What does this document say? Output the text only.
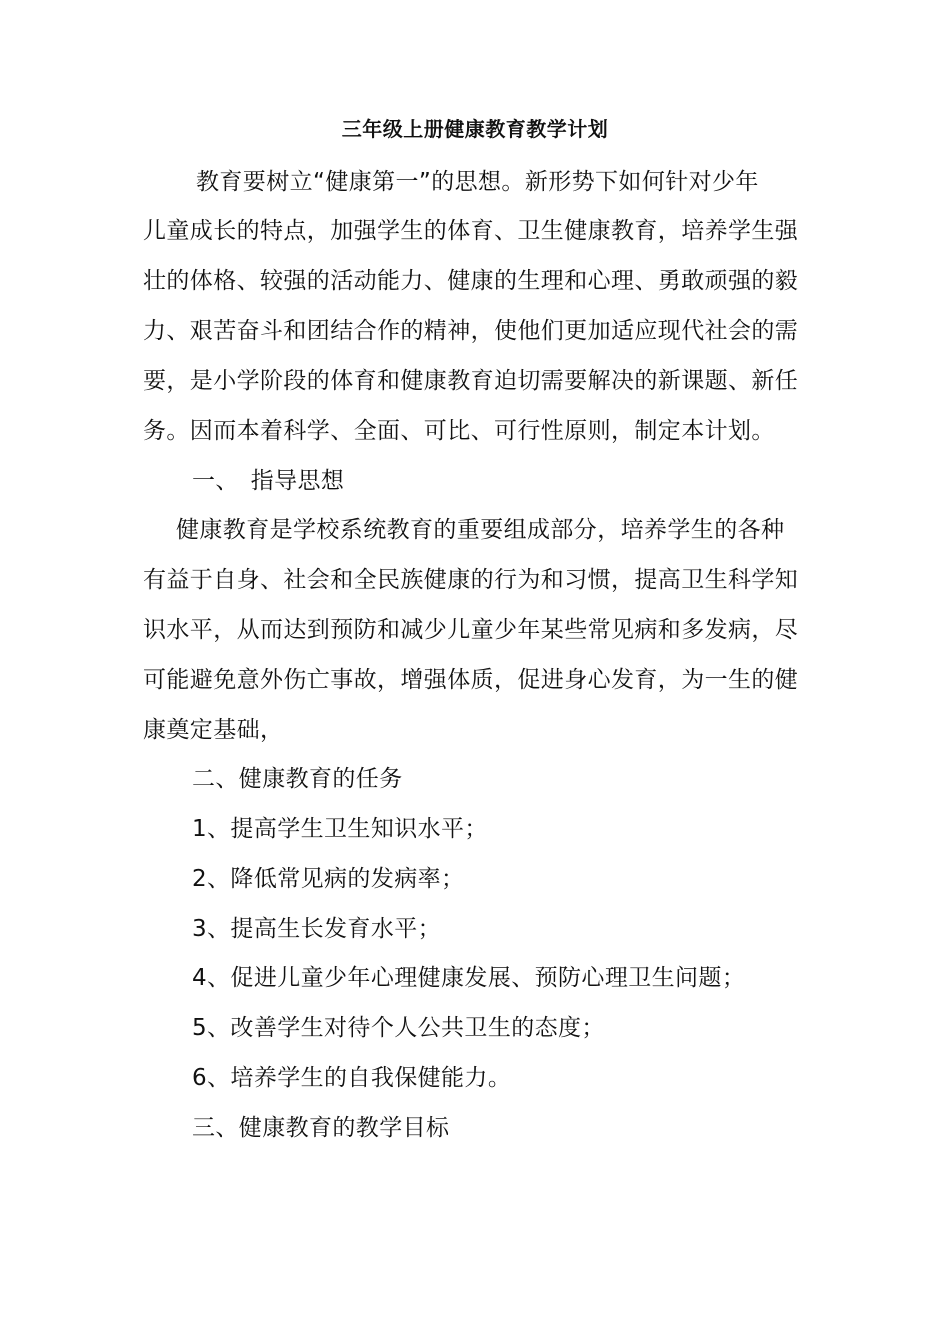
三年级上册健康教育教学计划
教育要树立“健康第一”的思想。新形势下如何针对少年
儿童成长的特点，加强学生的体育、卫生健康教育，培养学生强
壮的体格、较强的活动能力、健康的生理和心理、勇敢顽强的毅
力、艰苦奋斗和团结合作的精神，使他们更加适应现代社会的需
要，是小学阶段的体育和健康教育迫切需要解决的新课题、新任
务。因而本着科学、全面、可比、可行性原则，制定本计划。
一、　指导思想
健康教育是学校系统教育的重要组成部分，培养学生的各种
有益于自身、社会和全民族健康的行为和习惯，提高卫生科学知
识水平，从而达到预防和减少儿童少年某些常见病和多发病，尽
可能避免意外伤亡事故，增强体质，促进身心发育，为一生的健
康奠定基础，
二、健康教育的任务
1、提高学生卫生知识水平；
2、降低常见病的发病率；
3、提高生长发育水平；
4、促进儿童少年心理健康发展、预防心理卫生问题；
5、改善学生对待个人公共卫生的态度；
6、培养学生的自我保健能力。
三、健康教育的教学目标
